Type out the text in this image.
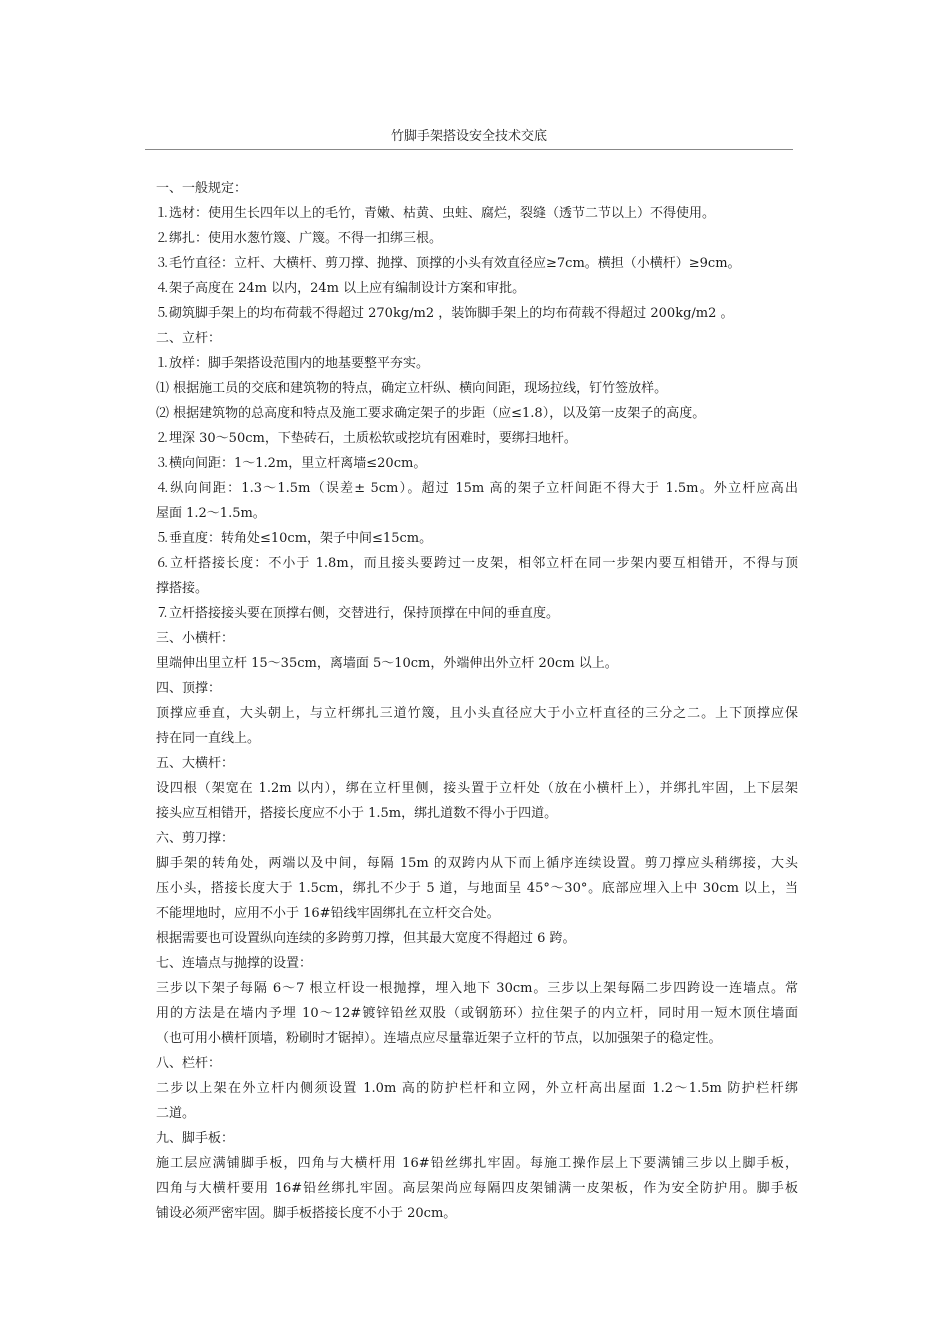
竹脚手架搭设安全技术交底
一、一般规定：
⒈选材：使用生长四年以上的毛竹，青嫩、枯黄、虫蛀、腐烂，裂缝（透节二节以上）不得使用。
⒉绑扎：使用水葱竹篾、广篾。不得一扣绑三根。
⒊毛竹直径：立杆、大横杆、剪刀撑、抛撑、顶撑的小头有效直径应≥7cm。横担（小横杆）≥9cm。
⒋架子高度在 24m 以内，24m 以上应有编制设计方案和审批。
⒌砌筑脚手架上的均布荷载不得超过 270kg/m2 ，装饰脚手架上的均布荷载不得超过 200kg/m2 。
二、立杆：
⒈放样：脚手架搭设范围内的地基要整平夯实。
⑴ 根据施工员的交底和建筑物的特点，确定立杆纵、横向间距，现场拉线，钉竹签放样。
⑵ 根据建筑物的总高度和特点及施工要求确定架子的步距（应≤1.8），以及第一皮架子的高度。
⒉埋深 30～50cm，下垫砖石，土质松软或挖坑有困难时，要绑扫地杆。
⒊横向间距：1～1.2m，里立杆离墙≤20cm。
⒋纵向间距：1.3～1.5m（误差± 5cm）。超过 15m 高的架子立杆间距不得大于 1.5m。外立杆应高出
屋面 1.2～1.5m。
⒌垂直度：转角处≤10cm，架子中间≤15cm。
⒍立杆搭接长度：不小于 1.8m，而且接头要跨过一皮架，相邻立杆在同一步架内要互相错开，不得与顶
撑搭接。
⒎立杆搭接接头要在顶撑右侧，交替进行，保持顶撑在中间的垂直度。
三、小横杆：
里端伸出里立杆 15～35cm，离墙面 5～10cm，外端伸出外立杆 20cm 以上。
四、顶撑：
顶撑应垂直，大头朝上，与立杆绑扎三道竹篾，且小头直径应大于小立杆直径的三分之二。上下顶撑应保
持在同一直线上。
五、大横杆：
设四根（架宽在 1.2m 以内），绑在立杆里侧，接头置于立杆处（放在小横杆上），并绑扎牢固，上下层架
接头应互相错开，搭接长度应不小于 1.5m，绑扎道数不得小于四道。
六、剪刀撑：
脚手架的转角处，两端以及中间，每隔 15m 的双跨内从下而上循序连续设置。剪刀撑应头稍绑接，大头
压小头，搭接长度大于 1.5cm，绑扎不少于 5 道，与地面呈 45°～30°。底部应埋入上中 30cm 以上，当
不能埋地时，应用不小于 16#铅线牢固绑扎在立杆交合处。
根据需要也可设置纵向连续的多跨剪刀撑，但其最大宽度不得超过 6 跨。
七、连墙点与抛撑的设置：
三步以下架子每隔 6～7 根立杆设一根抛撑，埋入地下 30cm。三步以上架每隔二步四跨设一连墙点。常
用的方法是在墙内予埋 10～12#镀锌铅丝双股（或钢筋环）拉住架子的内立杆，同时用一短木顶住墙面
（也可用小横杆顶墙，粉刷时才锯掉）。连墙点应尽量靠近架子立杆的节点，以加强架子的稳定性。
八、栏杆：
二步以上架在外立杆内侧须设置 1.0m 高的防护栏杆和立网，外立杆高出屋面 1.2～1.5m 防护栏杆绑
二道。
九、脚手板：
施工层应满铺脚手板，四角与大横杆用 16#铅丝绑扎牢固。每施工操作层上下要满铺三步以上脚手板，
四角与大横杆要用 16#铅丝绑扎牢固。高层架尚应每隔四皮架铺满一皮架板，作为安全防护用。脚手板
铺设必须严密牢固。脚手板搭接长度不小于 20cm。
